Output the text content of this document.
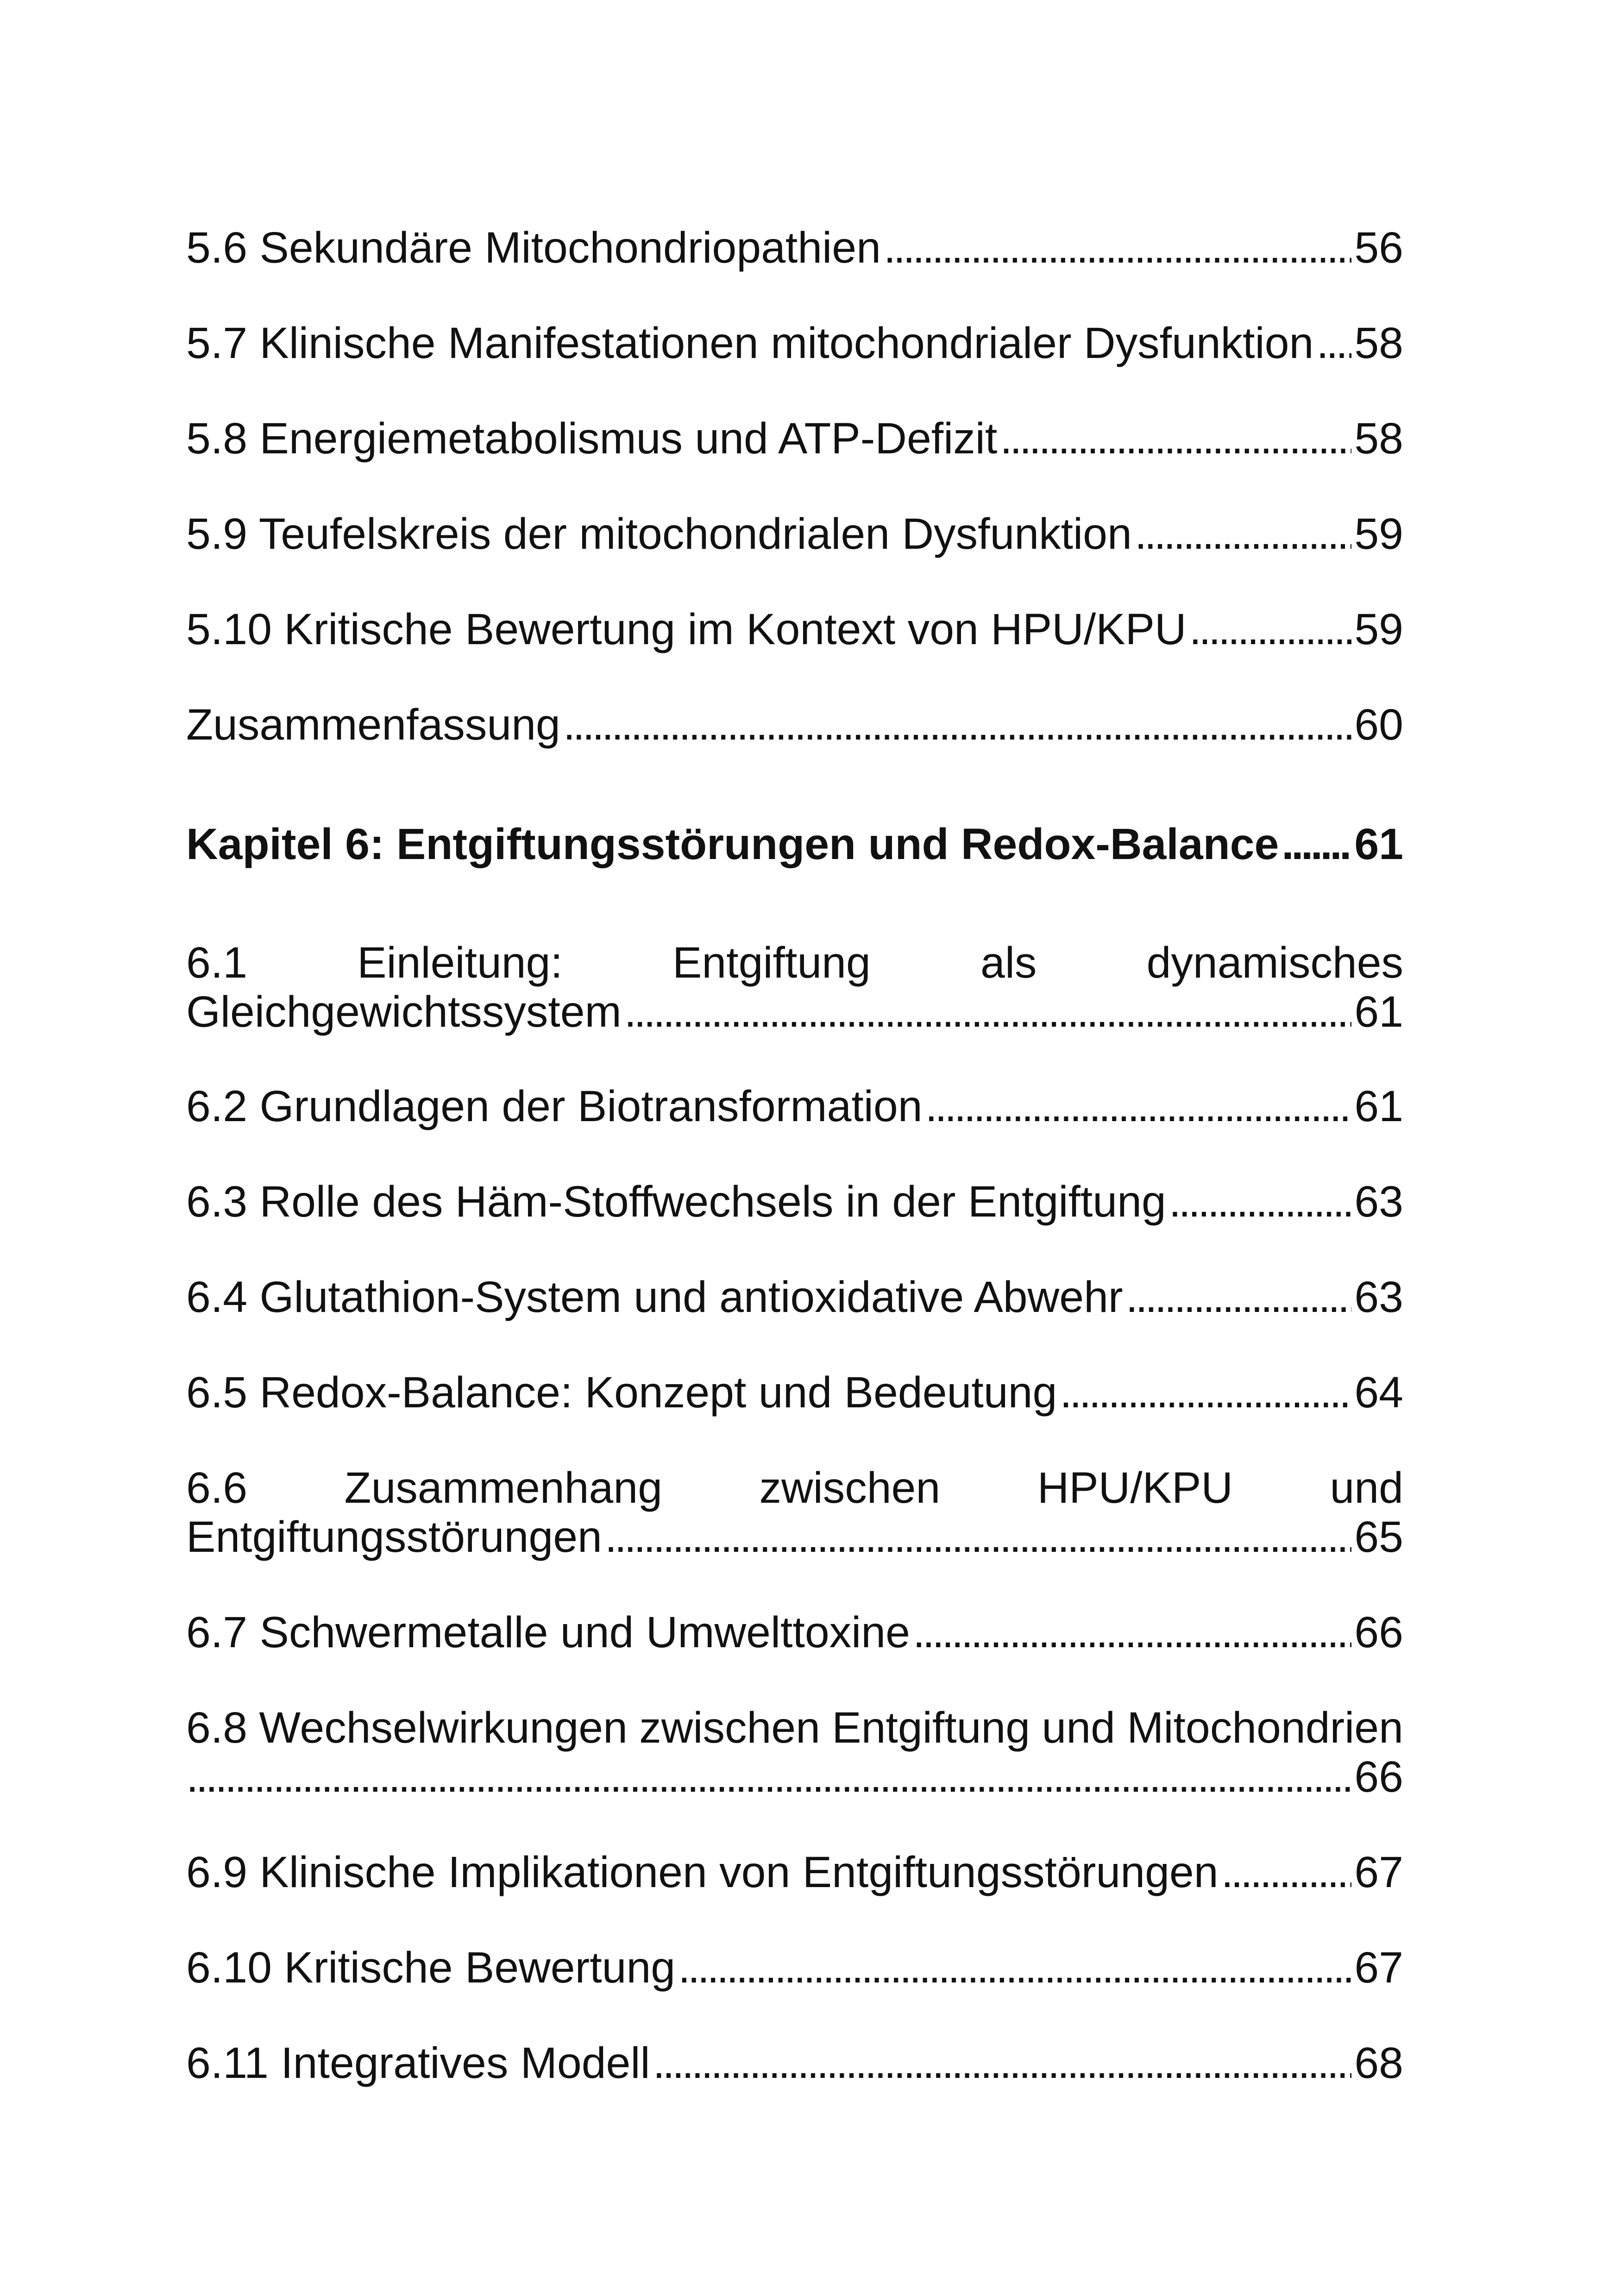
5.6 Sekundäre Mitochondriopathien . . .	56
5.7 Klinische Manifestationen mitochondrialer Dysfunktion . . . 58
5.8 Energiemetabolismus und ATP-Defizit . . .	58
5.9 Teufelskreis der mitochondrialen Dysfunktion . . .	59
5.10 Kritische Bewertung im Kontext von HPU/KPU . . .	59
Zusammenfassung . . .	60
Kapitel 6: Entgiftungsstörungen und Redox-Balance . . . 61
6.1 Einleitung: Entgiftung als dynamisches
Gleichgewichtssystem . . .	61
6.2 Grundlagen der Biotransformation . . .	61
6.3 Rolle des Häm-Stoffwechsels in der Entgiftung . . .	63
6.4 Glutathion-System und antioxidative Abwehr . . .	63
6.5 Redox-Balance: Konzept und Bedeutung . . .	64
6.6 Zusammenhang zwischen HPU/KPU und
Entgiftungsstörungen . . .	65
6.7 Schwermetalle und Umwelttoxine . . .	66
6.8 Wechselwirkungen zwischen Entgiftung und Mitochondrien
. . .
66
6.9 Klinische Implikationen von Entgiftungsstörungen . . .	67
6.10 Kritische Bewertung . . .	67
6.11 Integratives Modell . . .	68
